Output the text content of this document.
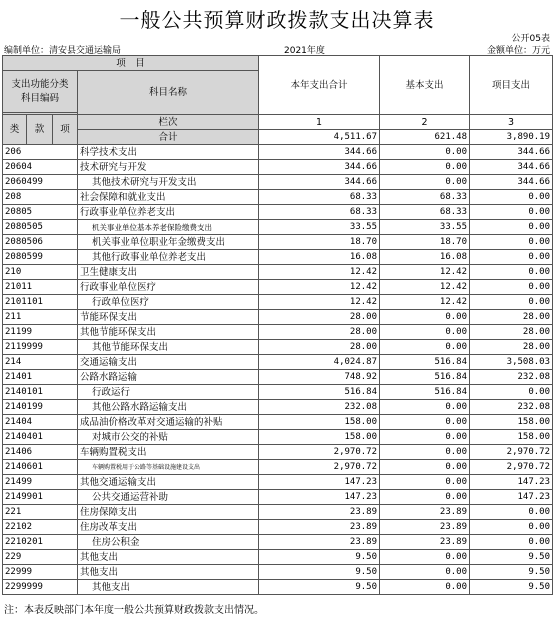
一般公共预算财政拨款支出决算表
公开05表
编制单位：清安县交通运输局	2021年度	金额单位：万元
项　目				本年支出合计	基本支出	项目支出
支出功能分类
科目编码			科目名称			

类	款	项	栏次	1	2	3
			合计	4,511.67	621.48	3,890.19
206			科学技术支出	344.66	0.00	344.66
20604			技术研究与开发	344.66	0.00	344.66
2060499			其他技术研究与开发支出	344.66	0.00	344.66
208			社会保障和就业支出	68.33	68.33	0.00
20805			行政事业单位养老支出	68.33	68.33	0.00
2080505			机关事业单位基本养老保险缴费支出	33.55	33.55	0.00
2080506			机关事业单位职业年金缴费支出	18.70	18.70	0.00
2080599			其他行政事业单位养老支出	16.08	16.08	0.00
210			卫生健康支出	12.42	12.42	0.00
21011			行政事业单位医疗	12.42	12.42	0.00
2101101			行政单位医疗	12.42	12.42	0.00
211			节能环保支出	28.00	0.00	28.00
21199			其他节能环保支出	28.00	0.00	28.00
2119999			其他节能环保支出	28.00	0.00	28.00
214			交通运输支出	4,024.87	516.84	3,508.03
21401			公路水路运输	748.92	516.84	232.08
2140101			行政运行	516.84	516.84	0.00
2140199			其他公路水路运输支出	232.08	0.00	232.08
21404			成品油价格改革对交通运输的补贴	158.00	0.00	158.00
2140401			对城市公交的补贴	158.00	0.00	158.00
21406			车辆购置税支出	2,970.72	0.00	2,970.72
2140601			车辆购置税用于公路等基础设施建设支出	2,970.72	0.00	2,970.72
21499			其他交通运输支出	147.23	0.00	147.23
2149901			公共交通运营补助	147.23	0.00	147.23
221			住房保障支出	23.89	23.89	0.00
22102			住房改革支出	23.89	23.89	0.00
2210201			住房公积金	23.89	23.89	0.00
229			其他支出	9.50	0.00	9.50
22999			其他支出	9.50	0.00	9.50
2299999			其他支出	9.50	0.00	9.50
注：本表反映部门本年度一般公共预算财政拨款支出情况。
